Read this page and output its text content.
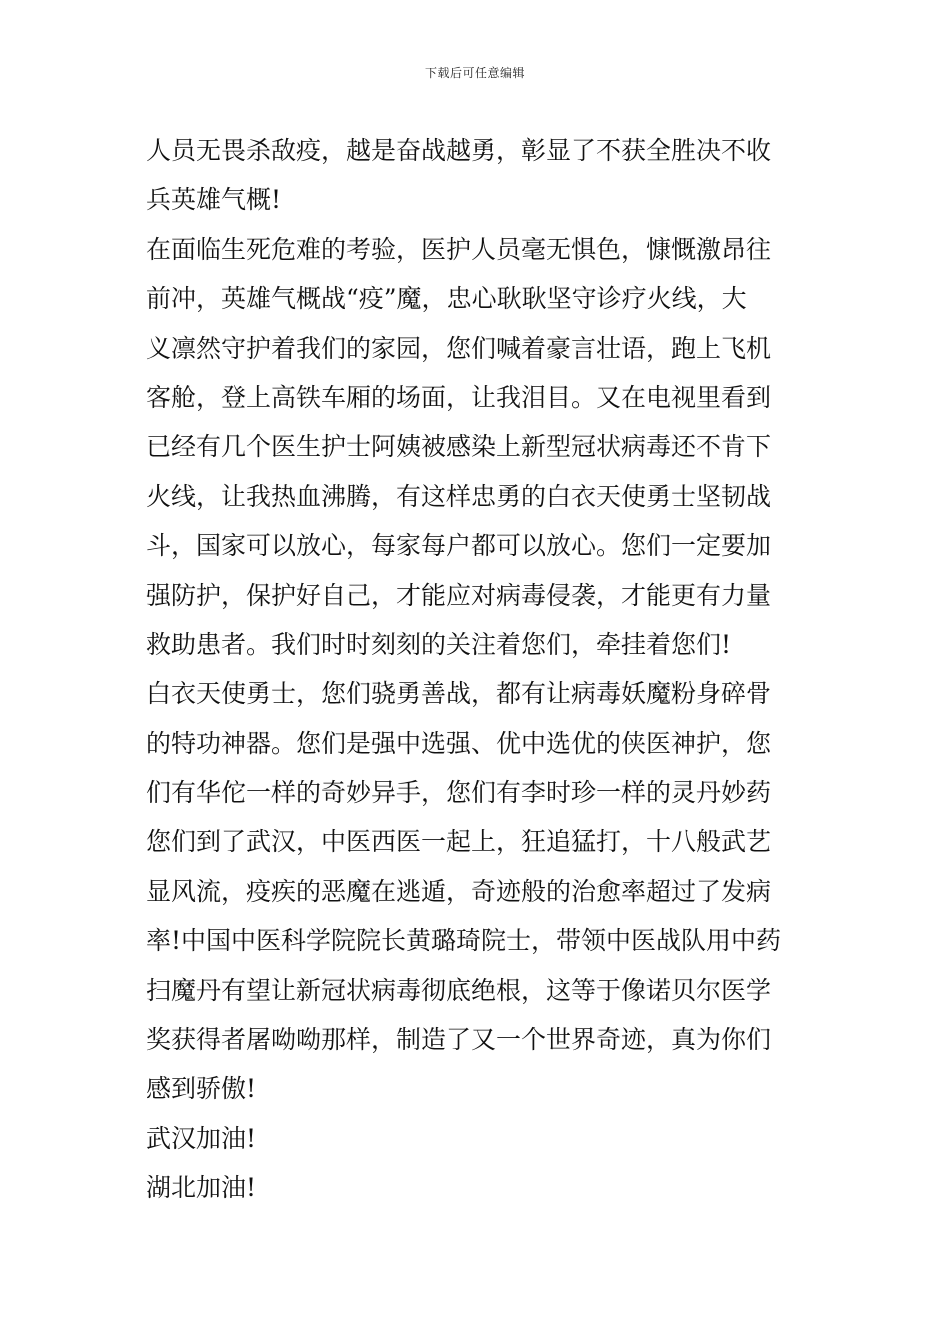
下载后可任意编辑
人员无畏杀敌疫，越是奋战越勇，彰显了不获全胜决不收
兵英雄气概!
在面临生死危难的考验，医护人员毫无惧色，慷慨激昂往
前冲，英雄气概战“疫”魔，忠心耿耿坚守诊疗火线，大
义凛然守护着我们的家园，您们喊着豪言壮语，跑上飞机
客舱，登上高铁车厢的场面，让我泪目。又在电视里看到
已经有几个医生护士阿姨被感染上新型冠状病毒还不肯下
火线，让我热血沸腾，有这样忠勇的白衣天使勇士坚韧战
斗，国家可以放心，每家每户都可以放心。您们一定要加
强防护，保护好自己，才能应对病毒侵袭，才能更有力量
救助患者。我们时时刻刻的关注着您们，牵挂着您们!
白衣天使勇士，您们骁勇善战，都有让病毒妖魔粉身碎骨
的特功神器。您们是强中选强、优中选优的侠医神护，您
们有华佗一样的奇妙异手，您们有李时珍一样的灵丹妙药
您们到了武汉，中医西医一起上，狂追猛打，十八般武艺
显风流，疫疾的恶魔在逃遁，奇迹般的治愈率超过了发病
率!中国中医科学院院长黄璐琦院士，带领中医战队用中药
扫魔丹有望让新冠状病毒彻底绝根，这等于像诺贝尔医学
奖获得者屠呦呦那样，制造了又一个世界奇迹，真为你们
感到骄傲!
武汉加油!
湖北加油!
